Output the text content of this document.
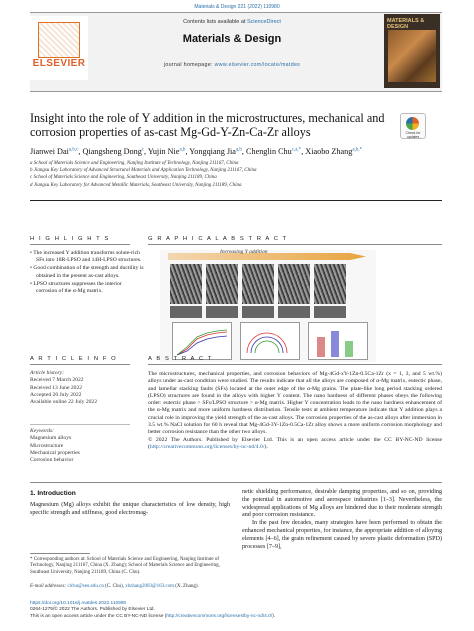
Materials & Design 221 (2022) 110980
ELSEVIER
Contents lists available at ScienceDirect
Materials & Design
journal homepage: www.elsevier.com/locate/matdes
MATERIALS & DESIGN
Insight into the role of Y addition in the microstructures, mechanical and corrosion properties of as-cast Mg-Gd-Y-Zn-Ca-Zr alloys	Check for updates
Jianwei Dai$^{a,b,c}$, Qiangsheng Dong$^c$, Yujin Nie$^{a,b}$, Yongqiang Jia$^{a,b}$, Chenglin Chu$^{c,a,*}$, Xiaobo Zhang$^{a,b,*}$
a School of Materials Science and Engineering, Nanjing Institute of Technology, Nanjing 211167, China
b Jiangsu Key Laboratory of Advanced Structural Materials and Application Technology, Nanjing 211167, China
c School of Materials Science and Engineering, Southeast University, Nanjing 211189, China
d Jiangsu Key Laboratory for Advanced Metallic Materials, Southeast University, Nanjing 211189, China
H I G H L I G H T S
• The increased Y addition transforms solute-rich SFs into 18R-LPSO and 14H-LPSO structures.
• Good combination of the strength and ductility is obtained in the present as-cast alloys.
• LPSO structures suppresses the interior corrosion of the α-Mg matrix.
G R A P H I C A L A B S T R A C T
Increasing Y addition
A R T I C L E I N F O
Article history:
Received 7 March 2022
Received 13 June 2022
Accepted 20 July 2022
Available online 22 July 2022
Keywords:
Magnesium alloys
Microstructure
Mechanical properties
Corrosion behavior
A B S T R A C T
The microstructures, mechanical properties, and corrosion behaviors of Mg-4Gd-xY-1Zn-0.5Ca-1Zr (x = 1, 3, and 5 wt.%) alloys under as-cast condition were studied. The results indicate that all the alloys are composed of α-Mg matrix, eutectic phase, and lamellar stacking faults (SFs) located at the outer edge of the α-Mg grains. The plate-like long period stacking ordered (LPSO) structures are found in the alloys with higher Y content. The nano hardness of different phases obeys the following order: eutectic phase > SFs/LPSO structure > α-Mg matrix. Higher Y concentration leads to the nano hardness enhancement of the α-Mg matrix and more uniform hardness distribution. Tensile tests at ambient temperature indicate that Y addition plays a crucial role in improving the yield strength of the as-cast alloys. The corrosion properties of the as-cast alloys after immersion in 3.5 wt.% NaCl solution for 60 h reveal that Mg-4Gd-3Y-1Zn-0.5Ca-1Zr alloy shows a more uniform corrosion morphology and better corrosion resistance than the other two alloys.
© 2022 The Authors. Published by Elsevier Ltd. This is an open access article under the CC BY-NC-ND license (http://creativecommons.org/licenses/by-nc-nd/4.0/).
1. Introduction
Magnesium (Mg) alloys exhibit the unique characteristics of low density, high specific strength and stiffness, good electromag-
netic shielding performance, desirable damping properties, and so on, providing the potential in automotive and aerospace industries [1–3]. Nevertheless, the widespread applications of Mg alloys are hindered due to their moderate strength and poor corrosion resistance.
In the past few decades, many strategies have been performed to obtain the enhanced mechanical properties, for instance, the appropriate addition of alloying elements [4–6], the grain refinement caused by severe plastic deformation (SPD) processes [7–9],
* Corresponding authors at: School of Materials Science and Engineering, Nanjing Institute of Technology, Nanjing 211167, China (X. Zhang); School of Materials Science and Engineering, Southeast University, Nanjing 211189, China (C. Chu).
E-mail addresses: clchu@seu.edu.cn (C. Chu), xbzhang2003@163.com (X. Zhang).
https://doi.org/10.1016/j.matdes.2022.110980
0264-1275/© 2022 The Authors. Published by Elsevier Ltd.
This is an open access article under the CC BY-NC-ND license (http://creativecommons.org/licenses/by-nc-nd/4.0/).
